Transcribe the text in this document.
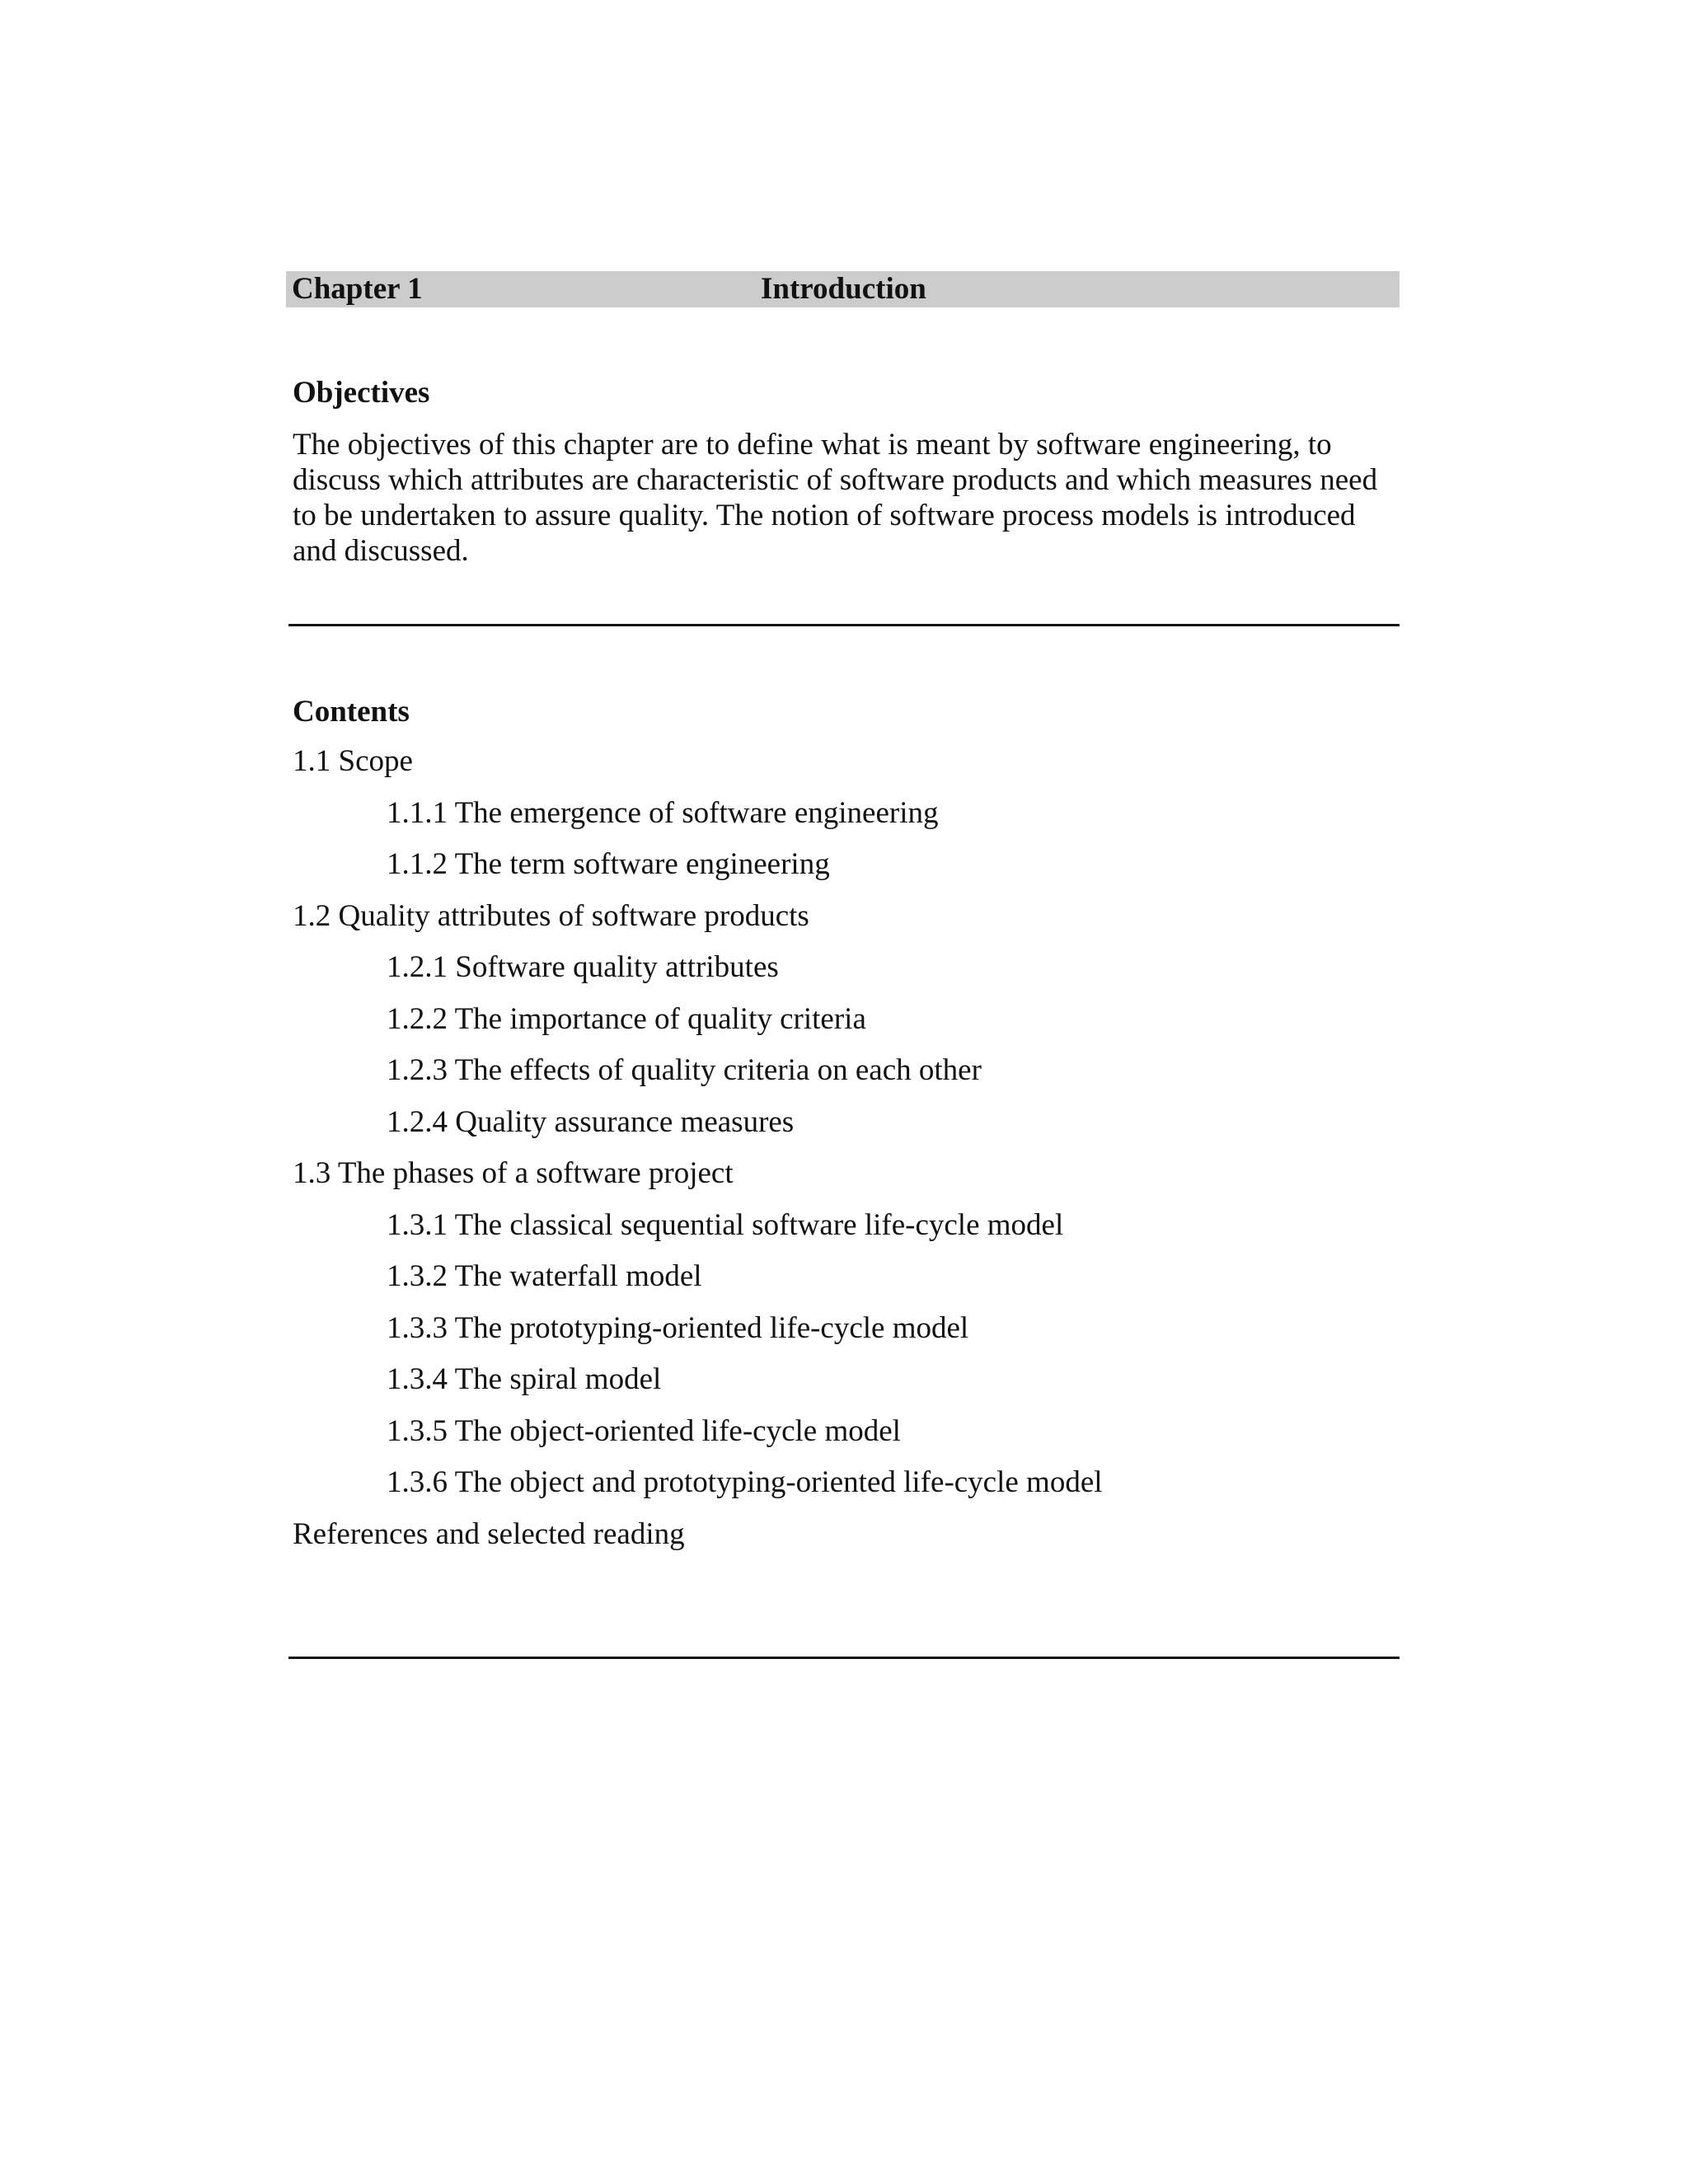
Chapter 1	Introduction
Objectives

The objectives of this chapter are to define what is meant by software engineering, to discuss which attributes are characteristic of software products and which measures need to be undertaken to assure quality. The notion of software process models is introduced and discussed.

Contents
1.1 Scope
1.1.1 The emergence of software engineering
1.1.2 The term software engineering
1.2 Quality attributes of software products
1.2.1 Software quality attributes
1.2.2 The importance of quality criteria
1.2.3 The effects of quality criteria on each other
1.2.4 Quality assurance measures
1.3 The phases of a software project
1.3.1 The classical sequential software life-cycle model
1.3.2 The waterfall model
1.3.3 The prototyping-oriented life-cycle model
1.3.4 The spiral model
1.3.5 The object-oriented life-cycle model
1.3.6 The object and prototyping-oriented life-cycle model
References and selected reading
